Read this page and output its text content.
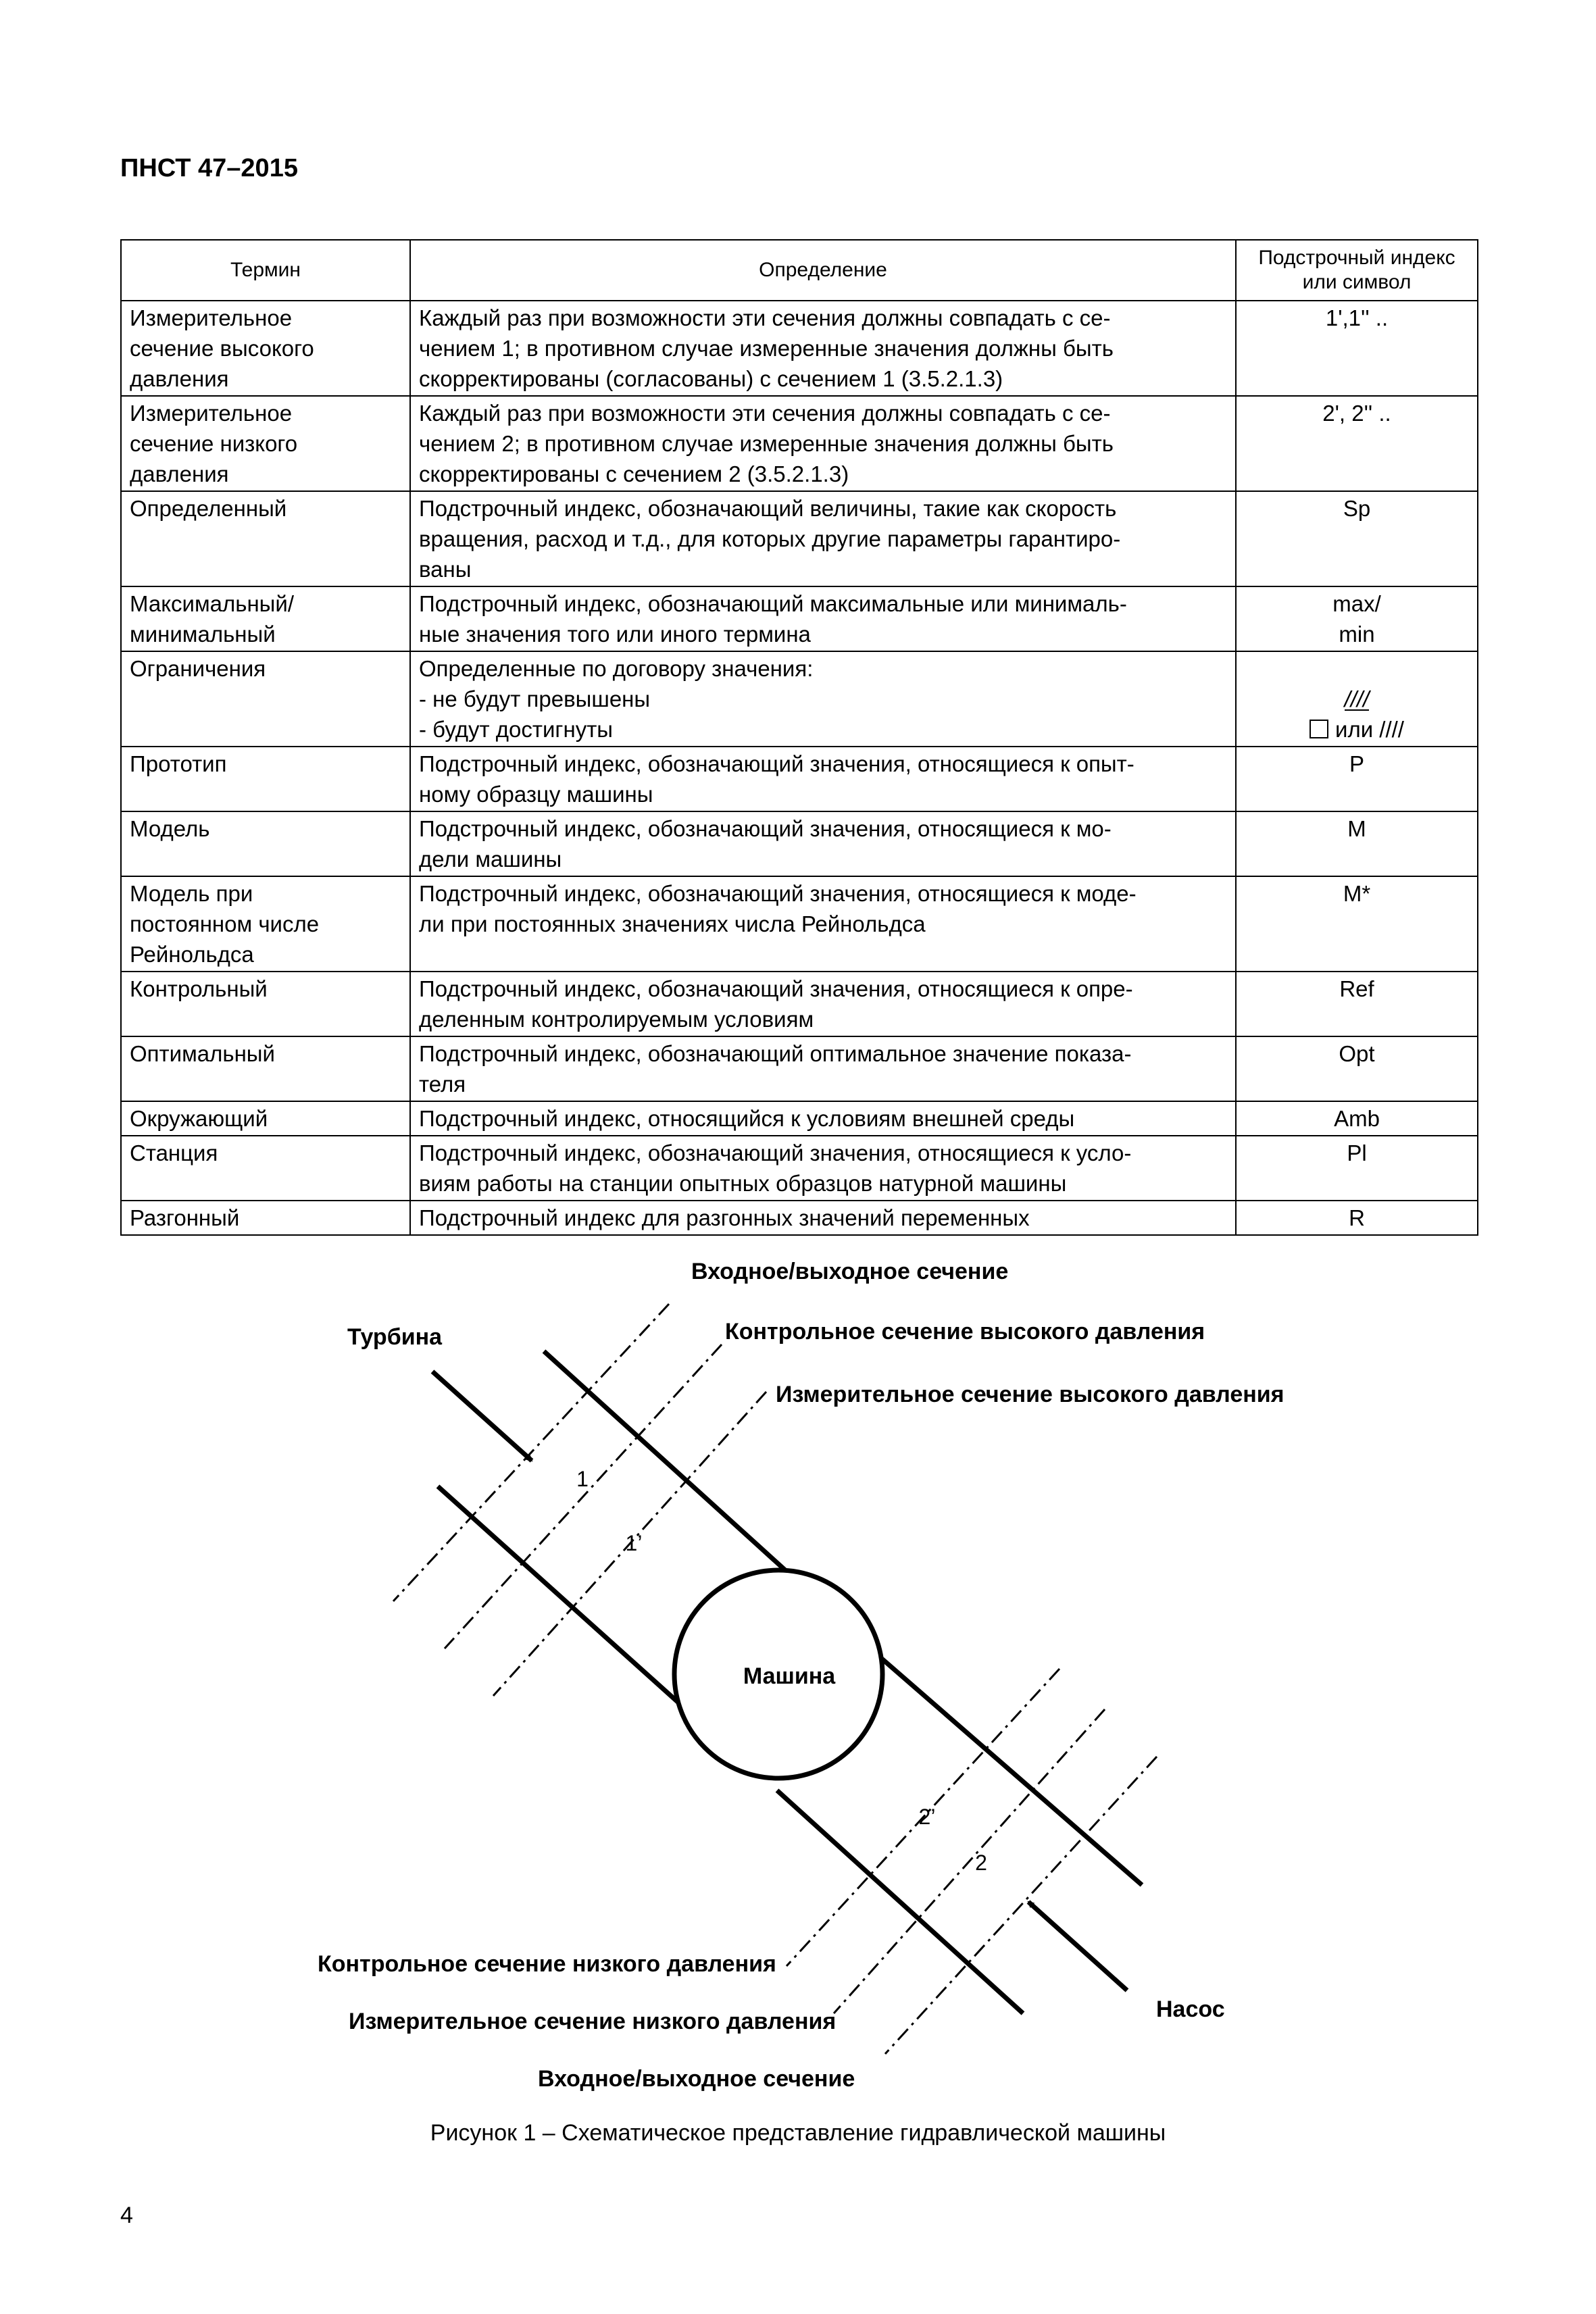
ПНСТ 47–2015

Термин	Определение	Подстрочный индекс или символ

Измерительное
сечение высокого
давления	Каждый раз при возможности эти сечения должны совпадать с се-
чением 1; в противном случае измеренные значения должны быть
скорректированы (согласованы) с сечением 1 (3.5.2.1.3)	1',1'' ..

Измерительное
сечение низкого
давления	Каждый раз при возможности эти сечения должны совпадать с се-
чением 2; в противном случае измеренные значения должны быть
скорректированы с сечением 2 (3.5.2.1.3)	2', 2'' ..

Определенный	Подстрочный индекс, обозначающий величины, такие как скорость
вращения, расход и т.д., для которых другие параметры гарантиро-
ваны	Sp

Максимальный/
минимальный	Подстрочный индекс, обозначающий максимальные или минималь-
ные значения того или иного термина	max/
min

Ограничения	Определенные по договору значения:
- не будут превышены
- будут достигнуты	////
или ////

Прототип	Подстрочный индекс, обозначающий значения, относящиеся к опыт-
ному образцу машины	P

Модель	Подстрочный индекс, обозначающий значения, относящиеся к мо-
дели машины	M

Модель при
постоянном числе
Рейнольдса	Подстрочный индекс, обозначающий значения, относящиеся к моде-
ли при постоянных значениях числа Рейнольдса	M*

Контрольный	Подстрочный индекс, обозначающий значения, относящиеся к опре-
деленным контролируемым условиям	Ref

Оптимальный	Подстрочный индекс, обозначающий оптимальное значение показа-
теля	Opt

Окружающий	Подстрочный индекс, относящийся к условиям внешней среды	Amb

Станция	Подстрочный индекс, обозначающий значения, относящиеся к усло-
виям работы на станции опытных образцов натурной машины	Pl

Разгонный	Подстрочный индекс для разгонных значений переменных	R
Машина
1
1’
2’
2
Входное/выходное сечение
Турбина	Контрольное сечение высокого давления
Измерительное сечение высокого давления
Контрольное сечение низкого давления
Измерительное сечение низкого давления	Насос
Входное/выходное сечение

Рисунок 1 – Схематическое представление гидравлической машины

4
